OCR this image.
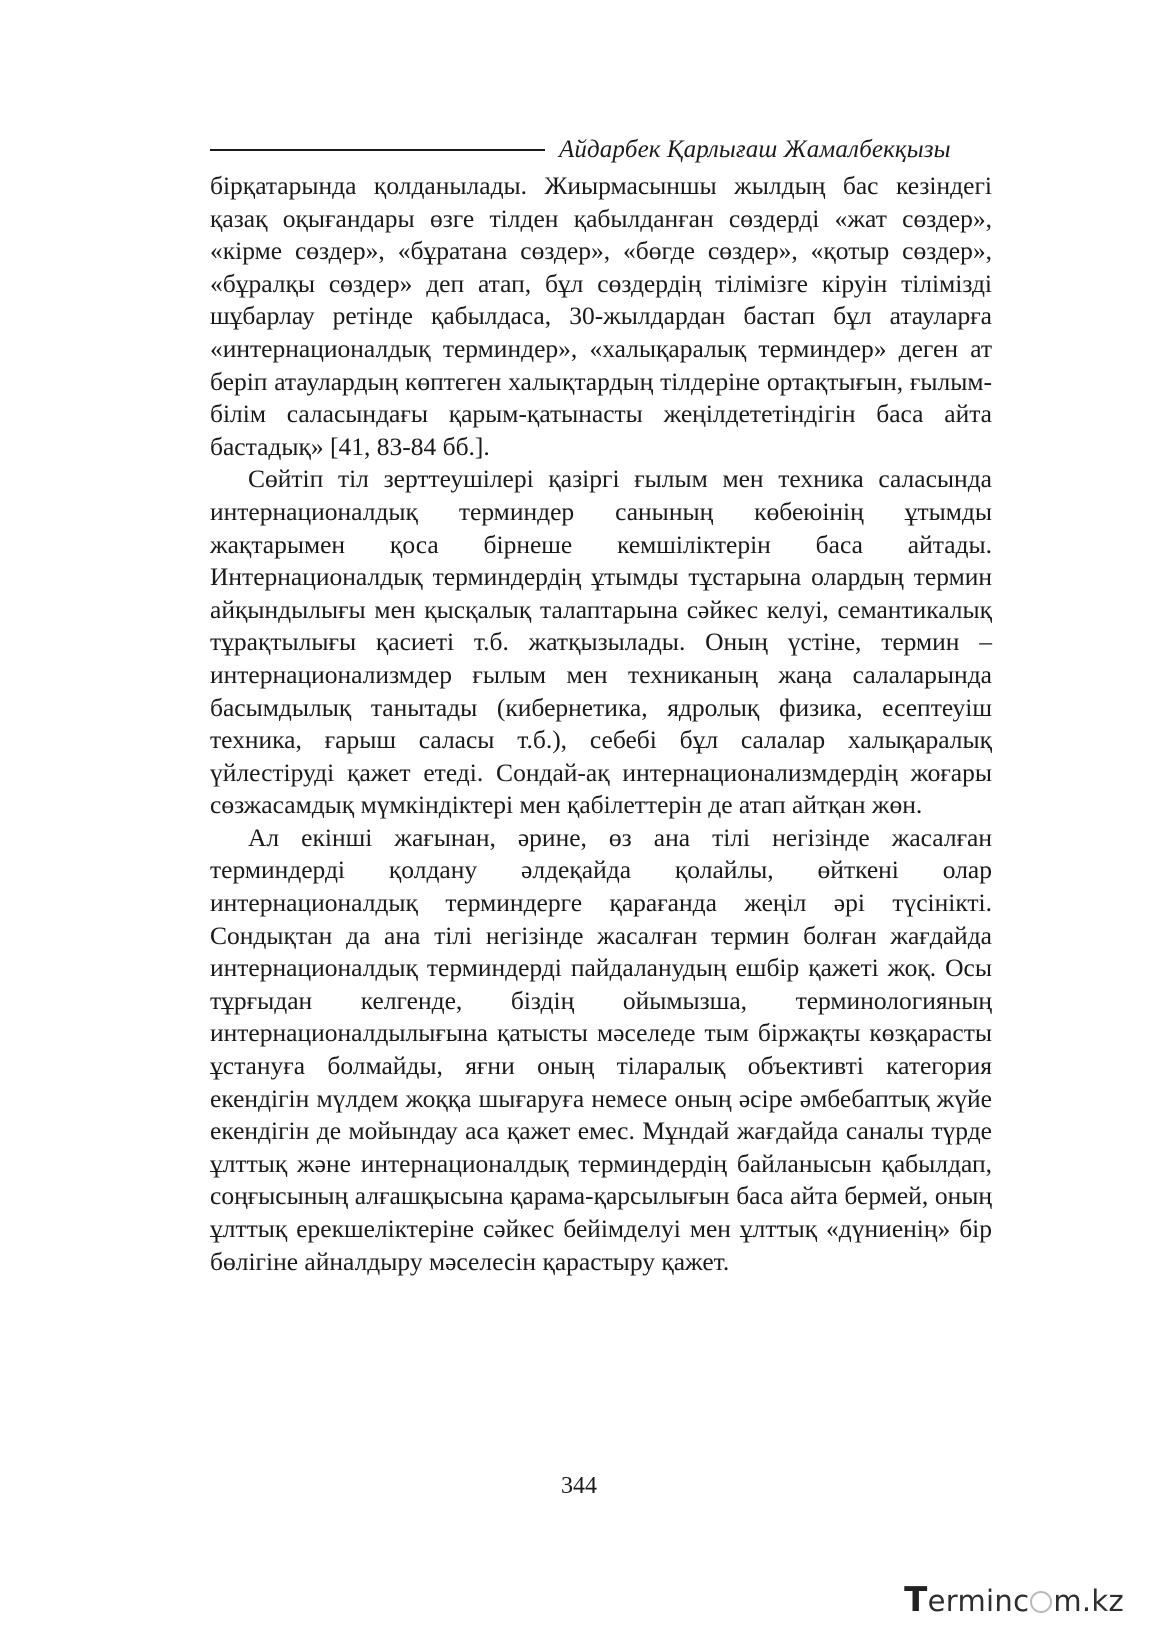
Айдарбек Қарлығаш Жамалбекқызы

бірқатарында қолданылады. Жиырмасыншы жылдың бас кезіндегі қазақ оқығандары өзге тілден қабылданған сөздерді «жат сөздер», «кірме сөздер», «бұратана сөздер», «бөгде сөздер», «қотыр сөздер», «бұралқы сөздер» деп атап, бұл сөздердің тілімізге кіруін тілімізді шұбарлау ретінде қабылдаса, 30-жылдардан бастап бұл атауларға «интернационалдық терминдер», «халықаралық терминдер» деген ат беріп атаулардың көптеген халықтардың тілдеріне ортақтығын, ғылым-білім саласындағы қарым-қатынасты жеңілдететіндігін баса айта бастадық» [41, 83-84 бб.].

Сөйтіп тіл зерттеушілері қазіргі ғылым мен техника саласында интернационалдық терминдер санының көбеюінің ұтымды жақтарымен қоса бірнеше кемшіліктерін баса айтады. Интернационалдық терминдердің ұтымды тұстарына олардың термин айқындылығы мен қысқалық талаптарына сәйкес келуі, семантикалық тұрақтылығы қасиеті т.б. жатқызылады. Оның үстіне, термин – интернационализмдер ғылым мен техниканың жаңа салаларында басымдылық танытады (кибернетика, ядролық физика, есептеуіш техника, ғарыш саласы т.б.), себебі бұл салалар халықаралық үйлестіруді қажет етеді. Сондай-ақ интернационализмдердің жоғары сөзжасамдық мүмкіндіктері мен қабілеттерін де атап айтқан жөн.

Ал екінші жағынан, әрине, өз ана тілі негізінде жасалған терминдерді қолдану әлдеқайда қолайлы, өйткені олар интернационалдық терминдерге қарағанда жеңіл әрі түсінікті. Сондықтан да ана тілі негізінде жасалған термин болған жағдайда интернационалдық терминдерді пайдаланудың ешбір қажеті жоқ. Осы тұрғыдан келгенде, біздің ойымызша, терминологияның интернационалдылығына қатысты мәселеде тым біржақты көзқарасты ұстануға болмайды, яғни оның тіларалық объективті категория екендігін мүлдем жоққа шығаруға немесе оның әсіре әмбебаптық жүйе екендігін де мойындау аса қажет емес. Мұндай жағдайда саналы түрде ұлттық және интернационалдық терминдердің байланысын қабылдап, соңғысының алғашқысына қарама-қарсылығын баса айта бермей, оның ұлттық ерекшеліктеріне сәйкес бейімделуі мен ұлттық «дүниенің» бір бөлігіне айналдыру мәселесін қарастыру қажет.

344
T ermin c m.kz
